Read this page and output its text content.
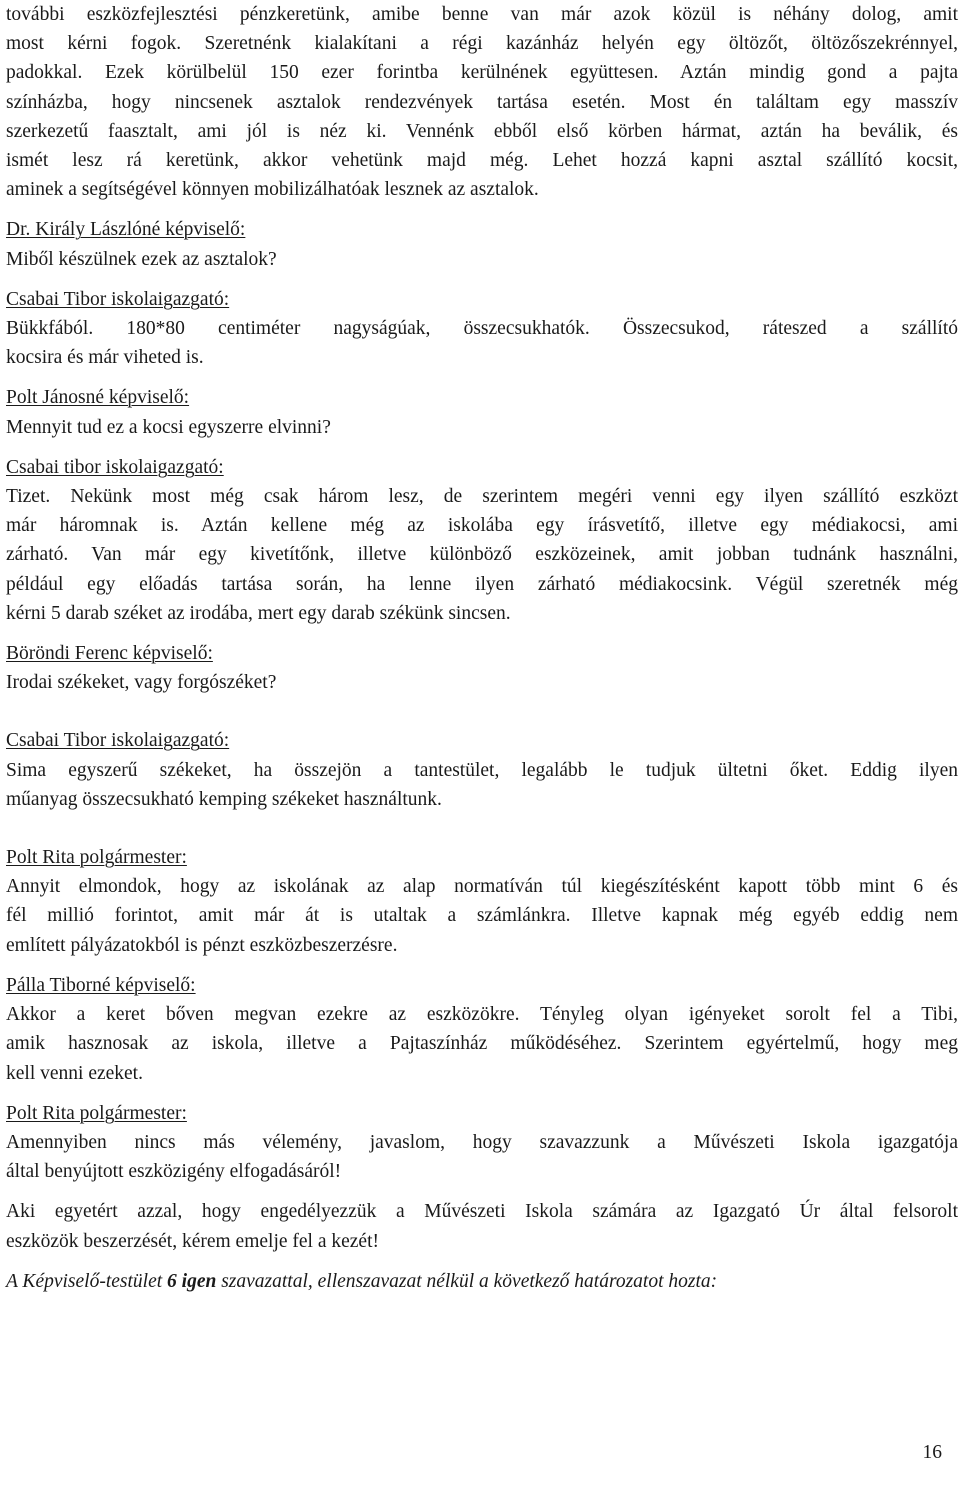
további eszközfejlesztési pénzkeretünk, amibe benne van már azok közül is néhány dolog, amit
most kérni fogok. Szeretnénk kialakítani a régi kazánház helyén egy öltözőt, öltözőszekrénnyel,
padokkal. Ezek körülbelül 150 ezer forintba kerülnének együttesen. Aztán mindig gond a pajta
színházba, hogy nincsenek asztalok rendezvények tartása esetén. Most én találtam egy masszív
szerkezetű faasztalt, ami jól is néz ki. Vennénk ebből első körben hármat, aztán ha beválik, és
ismét lesz rá keretünk, akkor vehetünk majd még. Lehet hozzá kapni asztal szállító kocsit,
aminek a segítségével könnyen mobilizálhatóak lesznek az asztalok.
Dr. Király Lászlóné képviselő:
Miből készülnek ezek az asztalok?
Csabai Tibor iskolaigazgató:
Bükkfából. 180*80 centiméter nagyságúak, összecsukhatók. Összecsukod, ráteszed a szállító
kocsira és már viheted is.
Polt Jánosné képviselő:
Mennyit tud ez a kocsi egyszerre elvinni?
Csabai tibor iskolaigazgató:
Tizet. Nekünk most még csak három lesz, de szerintem megéri venni egy ilyen szállító eszközt
már háromnak is. Aztán kellene még az iskolába egy írásvetítő, illetve egy médiakocsi, ami
zárható. Van már egy kivetítőnk, illetve különböző eszközeinek, amit jobban tudnánk használni,
például egy előadás tartása során, ha lenne ilyen zárható médiakocsink. Végül szeretnék még
kérni 5 darab széket az irodába, mert egy darab székünk sincsen.
Böröndi Ferenc képviselő:
Irodai székeket, vagy forgószéket?
Csabai Tibor iskolaigazgató:
Sima egyszerű székeket, ha összejön a tantestület, legalább le tudjuk ültetni őket. Eddig ilyen
műanyag összecsukható kemping székeket használtunk.
Polt Rita polgármester:
Annyit elmondok, hogy az iskolának az alap normatíván túl kiegészítésként kapott több mint 6 és
fél millió forintot, amit már át is utaltak a számlánkra. Illetve kapnak még egyéb eddig nem
említett pályázatokból is pénzt eszközbeszerzésre.
Pálla Tiborné képviselő:
Akkor a keret bőven megvan ezekre az eszközökre. Tényleg olyan igényeket sorolt fel a Tibi,
amik hasznosak az iskola, illetve a Pajtaszínház működéséhez. Szerintem egyértelmű, hogy meg
kell venni ezeket.
Polt Rita polgármester:
Amennyiben nincs más vélemény, javaslom, hogy szavazzunk a Művészeti Iskola igazgatója
által benyújtott eszközigény elfogadásáról!
Aki egyetért azzal, hogy engedélyezzük a Művészeti Iskola számára az Igazgató Úr által felsorolt
eszközök beszerzését, kérem emelje fel a kezét!
A Képviselő-testület 6 igen szavazattal, ellenszavazat nélkül a következő határozatot hozta:
16
